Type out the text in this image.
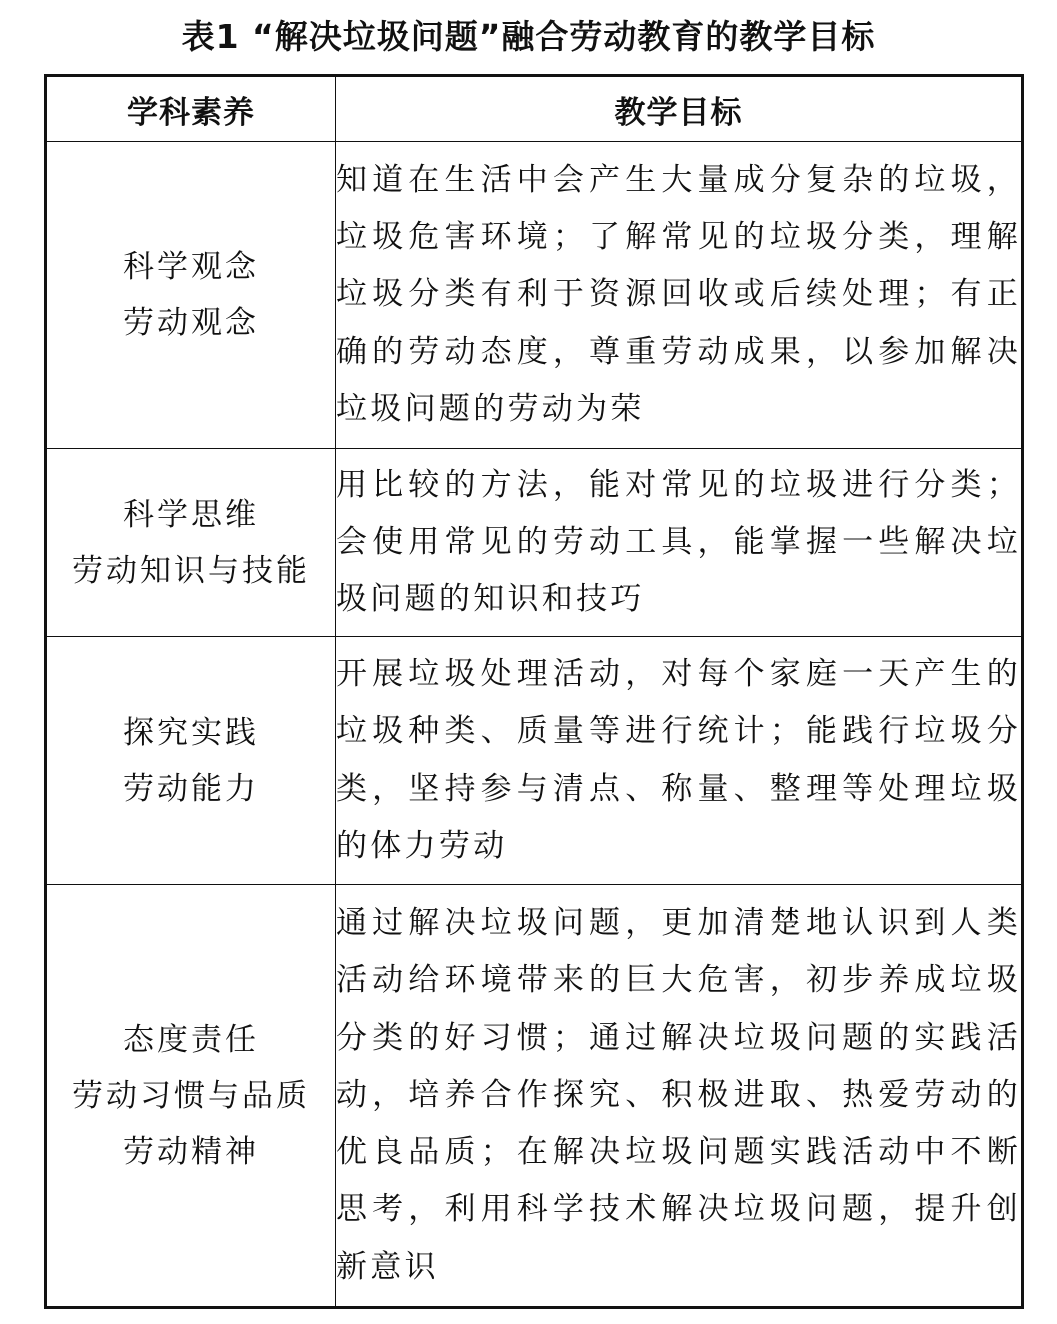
表1 “解决垃圾问题”融合劳动教育的教学目标
学科素养	教学目标

科学观念
劳动观念	知道在生活中会产生大量成分复杂的垃圾，垃圾危害环境；了解常见的垃圾分类，理解垃圾分类有利于资源回收或后续处理；有正确的劳动态度，尊重劳动成果，以参加解决垃圾问题的劳动为荣

科学思维
劳动知识与技能	用比较的方法，能对常见的垃圾进行分类；会使用常见的劳动工具，能掌握一些解决垃圾问题的知识和技巧

探究实践
劳动能力	开展垃圾处理活动，对每个家庭一天产生的垃圾种类、质量等进行统计；能践行垃圾分类，坚持参与清点、称量、整理等处理垃圾的体力劳动

态度责任
劳动习惯与品质
劳动精神	通过解决垃圾问题，更加清楚地认识到人类活动给环境带来的巨大危害，初步养成垃圾分类的好习惯；通过解决垃圾问题的实践活动，培养合作探究、积极进取、热爱劳动的优良品质；在解决垃圾问题实践活动中不断思考，利用科学技术解决垃圾问题，提升创新意识
